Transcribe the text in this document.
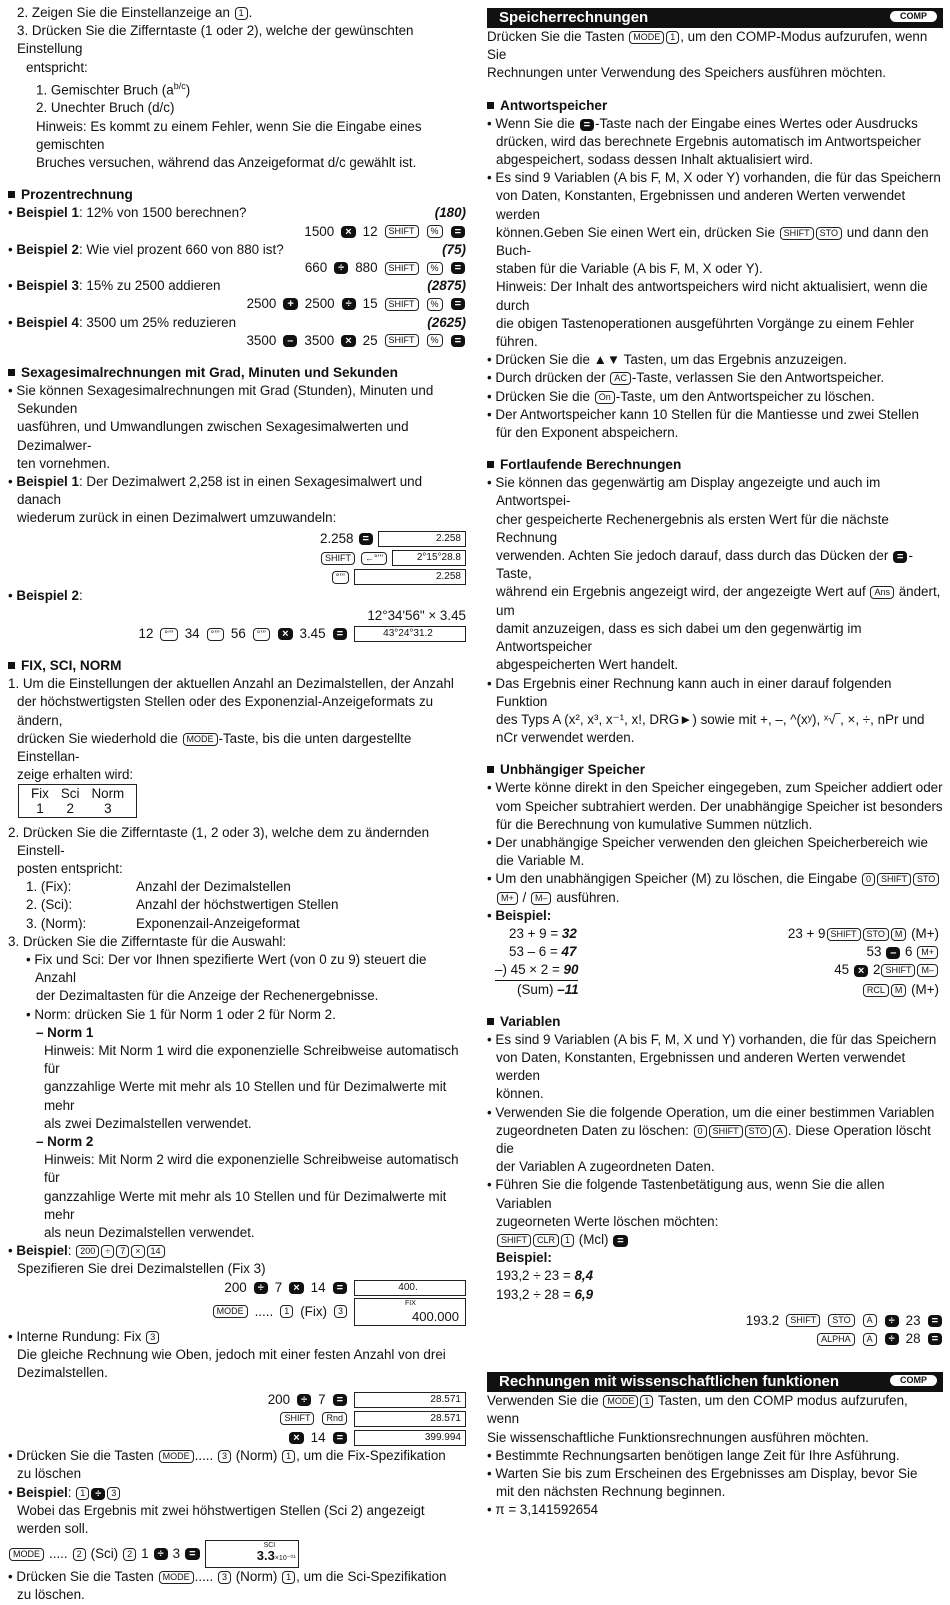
2. Zeigen Sie die Einstellanzeige an 1 .

3. Drücken Sie die Zifferntaste (1 oder 2), welche der gewünschten Einstellung

entspricht:

1. Gemischter Bruch $(a^{b/c})$

2. Unechter Bruch (d/c)

Hinweis: Es kommt zu einem Fehler, wenn Sie die Eingabe eines gemischten

Bruches versuchen, während das Anzeigeformat d/c gewählt ist.

Prozentrechnung

• Beispiel 1: 12% von 1500 berechnen?	(180)
1500	× 12	SHIFT	%	=

• Beispiel 2: Wie viel prozent 660 von 880 ist?	(75)
660	÷ 880	SHIFT	%	=

• Beispiel 3: 15% zu 2500 addieren	(2875)
2500	+ 2500	÷ 15	SHIFT	%	=

• Beispiel 4: 3500 um 25% reduzieren	(2625)
3500	– 3500	× 25	SHIFT	%	=
Sexagesimalrechnungen mit Grad, Minuten und Sekunden

• Sie können Sexagesimalrechnungen mit Grad (Stunden), Minuten und Sekunden

uasführen, und Umwandlungen zwischen Sexagesimalwerten und Dezimalwer-

ten vornehmen.

• Beispiel 1: Der Dezimalwert 2,258 ist in einen Sexagesimalwert und danach

wiederum zurück in einen Dezimalwert umzuwandeln:

2.258 =	2.258
SHIFT	←°’’’	2°15°28.8
°’’’	2.258

• Beispiel 2:

12°34'56" × 3.45
12	°’’’ 34	°’’’ 56	°’’’	× 3.45	=	43°24°31.2
FIX, SCI, NORM

1. Um die Einstellungen der aktuellen Anzahl an Dezimalstellen, der Anzahl

der höchstwertigsten Stellen oder des Exponenzial-Anzeigeformats zu ändern,

drücken Sie wiederhold die MODE -Taste, bis die unten dargestellte Einstellan-

zeige erhalten wird:

Fix	Sci	Norm
1	2	3

2. Drücken Sie die Zifferntaste (1, 2 oder 3), welche dem zu ändernden Einstell-

posten entspricht:

1. (Fix):	Anzahl der Dezimalstellen
2. (Sci):	Anzahl der höchstwertigen Stellen
3. (Norm):	Exponenzail-Anzeigeformat

3. Drücken Sie die Zifferntaste für die Auswahl:

• Fix und Sci: Der vor Ihnen spezifierte Wert (von 0 zu 9) steuert die Anzahl

der Dezimaltasten für die Anzeige der Rechenergebnisse.

• Norm: drücken Sie 1 für Norm 1 oder 2 für Norm 2.

– Norm 1

Hinweis: Mit Norm 1 wird die exponenzielle Schreibweise automatisch für

ganzzahlige Werte mit mehr als 10 Stellen und für Dezimalwerte mit mehr

als zwei Dezimalstellen verwendet.

– Norm 2

Hinweis: Mit Norm 2 wird die exponenzielle Schreibweise automatisch für

ganzzahlige Werte mit mehr als 10 Stellen und für Dezimalwerte mit mehr

als neun Dezimalstellen verwendet.

• Beispiel: 200 ÷ 7 × 14

Spezifieren Sie drei Dezimalstellen (Fix 3)

200	÷ 7	× 14	=	400.
MODE .....	1 (Fix)	3
FIX
400.000

• Interne Rundung: Fix 3

Die gleiche Rechnung wie Oben, jedoch mit einer festen Anzahl von drei

Dezimalstellen.

200	÷ 7	=	28.571
SHIFT	Rnd	28.571
× 14	=	399.994

• Drücken Sie die Tasten MODE ..... 3 (Norm) 1 , um die Fix-Spezifikation

zu löschen

• Beispiel: 1 ÷ 3

Wobei das Ergebnis mit zwei höhstwertigen Stellen (Sci 2) angezeigt werden soll.

MODE .....	2 (Sci)	2 1 ÷ 3 =
SCI
3.3×10⁻⁰¹

• Drücken Sie die Tasten MODE ..... 3 (Norm) 1 , um die Sci-Spezifikation

zu löschen.

Speicherrechnungen	COMP

Drücken Sie die Tasten MODE 1 , um den COMP-Modus aufzurufen, wenn Sie

Rechnungen unter Verwendung des Speichers ausführen möchten.

Antwortspeicher

• Wenn Sie die = -Taste nach der Eingabe eines Wertes oder Ausdrucks

drücken, wird das berechnete Ergebnis automatisch im Antwortspeicher

abgespeichert, sodass dessen Inhalt aktualisiert wird.

• Es sind 9 Variablen (A bis F, M, X oder Y) vorhanden, die für das Speichern

von Daten, Konstanten, Ergebnissen und anderen Werten verwendet werden

können.Geben Sie einen Wert ein, drücken Sie SHIFT STO und dann den Buch-

staben für die Variable (A bis F, M, X oder Y).

Hinweis: Der Inhalt des antwortspeichers wird nicht aktualisiert, wenn die durch

die obigen Tastenoperationen ausgeführten Vorgänge zu einem Fehler führen.

• Drücken Sie die ▲▼ Tasten, um das Ergebnis anzuzeigen.

• Durch drücken der AC -Taste, verlassen Sie den Antwortspeicher.

• Drücken Sie die On -Taste, um den Antwortspeicher zu löschen.

• Der Antwortspeicher kann 10 Stellen für die Mantiesse und zwei Stellen

für den Exponent abspeichern.

Fortlaufende Berechnungen

• Sie können das gegenwärtig am Display angezeigte und auch im Antwortspei-

cher gespeicherte Rechenergebnis als ersten Wert für die nächste Rechnung

verwenden. Achten Sie jedoch darauf, dass durch das Dücken der = -Taste,

während ein Ergebnis angezeigt wird, der angezeigte Wert auf Ans ändert, um

damit anzuzeigen, dass es sich dabei um den gegenwärtig im Antwortspeicher

abgespeicherten Wert handelt.

• Das Ergebnis einer Rechnung kann auch in einer darauf folgenden Funktion

des Typs A (x², x³, x⁻¹, x!, DRG►) sowie mit +, –, ^(xʸ), ˣ√‾, ×, ÷, nPr und

nCr verwendet werden.

Unbhängiger Speicher

• Werte könne direkt in den Speicher eingegeben, zum Speicher addiert oder

vom Speicher subtrahiert werden. Der unabhängige Speicher ist besonders

für die Berechnung von kumulative Summen nützlich.

• Der unabhängige Speicher verwenden den gleichen Speicherbereich wie

die Variable M.

• Um den unabhängigen Speicher (M) zu löschen, die Eingabe 0 SHIFT STO

M+ / M– ausführen.

• Beispiel:

23 + 9 = 32	23 + 9 SHIFT STO M (M+)
53 – 6 = 47	53 – 6 M+
–) 45 × 2 = 90	45 × 2 SHIFT M–
(Sum) –11	RCL M (M+)
Variablen

• Es sind 9 Variablen (A bis F, M, X und Y) vorhanden, die für das Speichern

von Daten, Konstanten, Ergebnissen und anderen Werten verwendet werden

können.

• Verwenden Sie die folgende Operation, um die einer bestimmen Variablen

zugeordneten Daten zu löschen: 0 SHIFT STO A . Diese Operation löscht die

der Variablen A zugeordneten Daten.

• Führen Sie die folgende Tastenbetätigung aus, wenn Sie die allen Variablen

zugeorneten Werte löschen möchten:

SHIFT CLR 1 (Mcl) =

Beispiel:

193,2 ÷ 23 = 8,4

193,2 ÷ 28 = 6,9

193.2	SHIFT	STO	A	÷ 23	=
ALPHA	A	÷ 28	=
Rechnungen mit wissenschaftlichen funktionen	COMP

Verwenden Sie die MODE 1 Tasten, um den COMP modus aufzurufen, wenn

Sie wissenschaftliche Funktionsrechnungen ausführen möchten.

• Bestimmte Rechnungsarten benötigen lange Zeit für Ihre Asführung.

• Warten Sie bis zum Erscheinen des Ergebnisses am Display, bevor Sie

mit den nächsten Rechnung beginnen.

• π = 3,141592654
